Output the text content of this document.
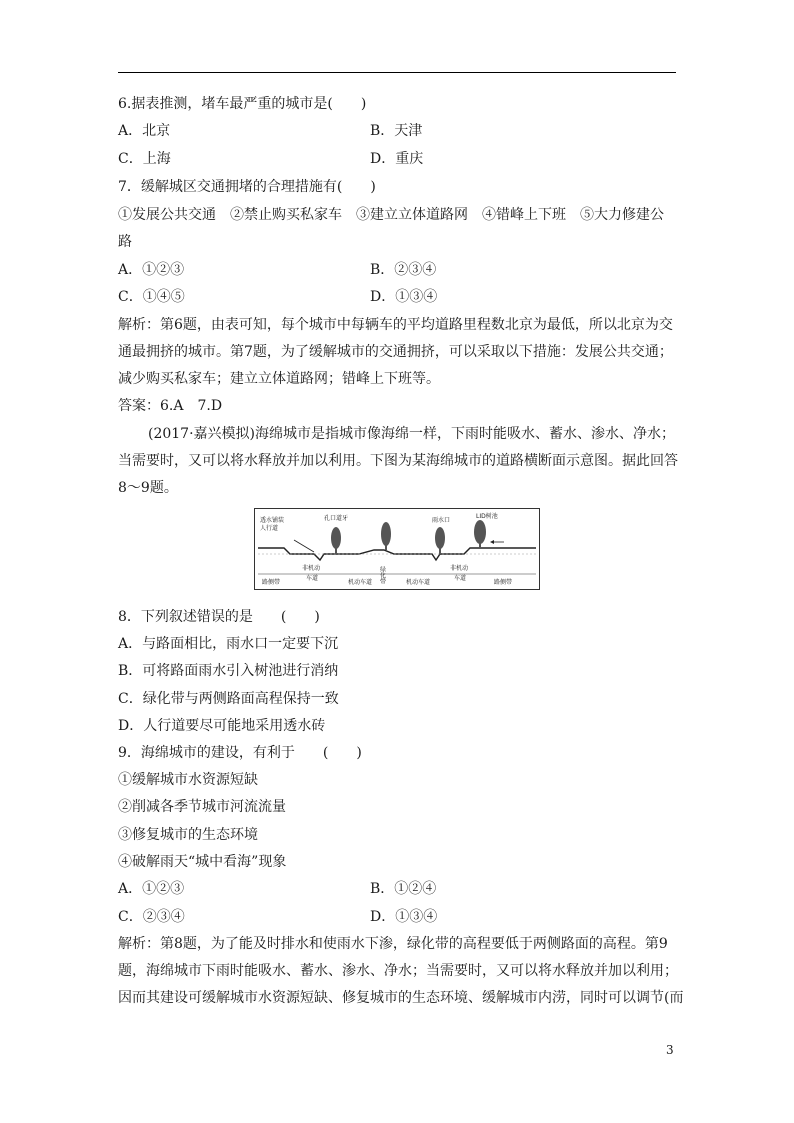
6.据表推测，堵车最严重的城市是(　　)
A．北京	B．天津
C．上海	D．重庆
7．缓解城区交通拥堵的合理措施有(　　)
①发展公共交通　②禁止购买私家车　③建立立体道路网　④错峰上下班　⑤大力修建公
路
A．①②③	B．②③④
C．①④⑤	D．①③④
解析：第6题，由表可知，每个城市中每辆车的平均道路里程数北京为最低，所以北京为交
通最拥挤的城市。第7题，为了缓解城市的交通拥挤，可以采取以下措施：发展公共交通；
减少购买私家车；建立立体道路网；错峰上下班等。
答案：6.A　7.D
(2017·嘉兴模拟)海绵城市是指城市像海绵一样，下雨时能吸水、蓄水、渗水、净水；
当需要时，又可以将水释放并加以利用。下图为某海绵城市的道路横断面示意图。据此回答
8～9题。
透水铺装
人行道
孔口道牙	雨水口
LID树池
路侧带
非机动
车道
机动车道	机动车道
非机动
车道
路侧带
绿化带
8．下列叙述错误的是　　(　　)
A．与路面相比，雨水口一定要下沉
B．可将路面雨水引入树池进行消纳
C．绿化带与两侧路面高程保持一致
D．人行道要尽可能地采用透水砖
9．海绵城市的建设，有利于　　(　　)
①缓解城市水资源短缺
②削减各季节城市河流流量
③修复城市的生态环境
④破解雨天“城中看海”现象
A．①②③	B．①②④
C．②③④	D．①③④
解析：第8题，为了能及时排水和使雨水下渗，绿化带的高程要低于两侧路面的高程。第9
题，海绵城市下雨时能吸水、蓄水、渗水、净水；当需要时，又可以将水释放并加以利用；
因而其建设可缓解城市水资源短缺、修复城市的生态环境、缓解城市内涝，同时可以调节(而
3
